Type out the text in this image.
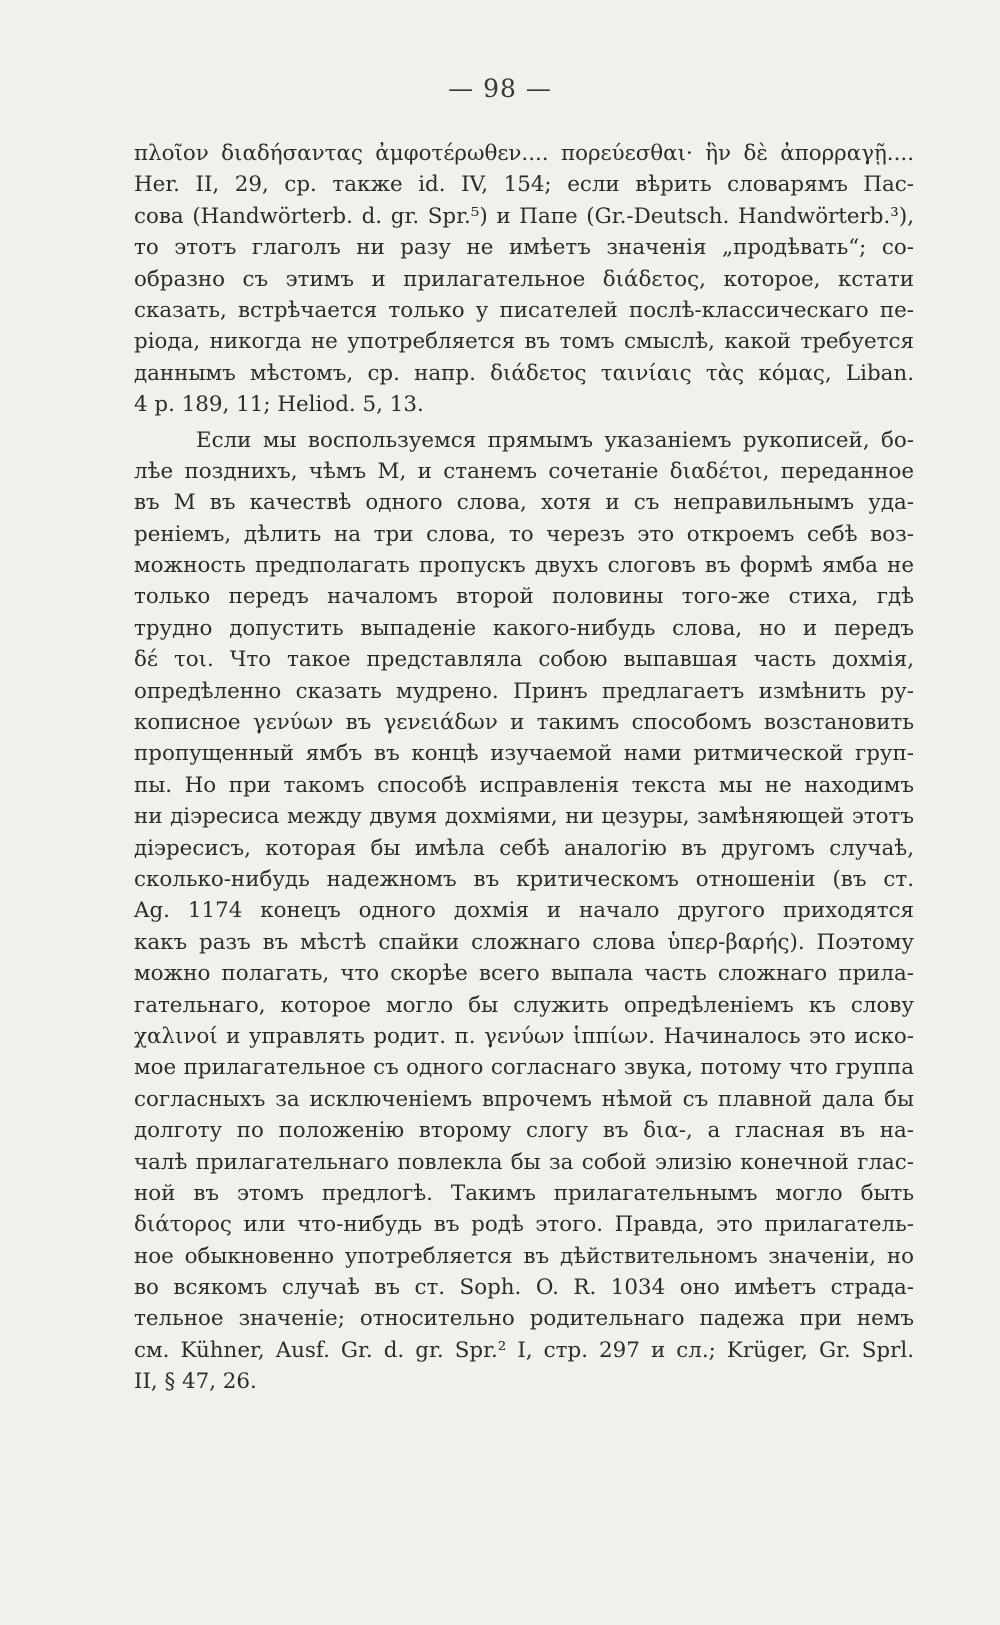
— 98 —
πλοῖον διαδήσαντας ἀμφοτέρωθεν.... πορεύεσθαι· ἣν δὲ ἀπορραγῇ....
Her. II, 29, ср. также id. IV, 154; если вѣрить словарямъ Пас-
сова (Handwörterb. d. gr. Spr.⁵) и Папе (Gr.-Deutsch. Handwörterb.³),
то этотъ глаголъ ни разу не имѣетъ значенія „продѣвать“; со-
образно съ этимъ и прилагательное διάδετος, которое, кстати
сказать, встрѣчается только у писателей послѣ-классическаго пе-
ріода, никогда не употребляется въ томъ смыслѣ, какой требуется
даннымъ мѣстомъ, ср. напр. διάδετος ταινίαις τὰς κόμας, Liban.
4 p. 189, 11; Heliod. 5, 13.
Если мы воспользуемся прямымъ указаніемъ рукописей, бо-
лѣе позднихъ, чѣмъ М, и станемъ сочетаніе διαδέτοι, переданное
въ М въ качествѣ одного слова, хотя и съ неправильнымъ уда-
реніемъ, дѣлить на три слова, то черезъ это откроемъ себѣ воз-
можность предполагать пропускъ двухъ слоговъ въ формѣ ямба не
только передъ началомъ второй половины того-же стиха, гдѣ
трудно допустить выпаденіе какого-нибудь слова, но и передъ
δέ τοι. Что такое представляла собою выпавшая часть дохмія,
опредѣленно сказать мудрено. Принъ предлагаетъ измѣнить ру-
кописное γενύων въ γενειάδων и такимъ способомъ возстановить
пропущенный ямбъ въ концѣ изучаемой нами ритмической груп-
пы. Но при такомъ способѣ исправленія текста мы не находимъ
ни діэресиса между двумя дохміями, ни цезуры, замѣняющей этотъ
діэресисъ, которая бы имѣла себѣ аналогію въ другомъ случаѣ,
сколько-нибудь надежномъ въ критическомъ отношеніи (въ ст.
Ag. 1174 конецъ одного дохмія и начало другого приходятся
какъ разъ въ мѣстѣ спайки сложнаго слова ὑπερ-βαρής). Поэтому
можно полагать, что скорѣе всего выпала часть сложнаго прила-
гательнаго, которое могло бы служить опредѣленіемъ къ слову
χαλινοί и управлять родит. п. γενύων ἱππίων. Начиналось это иско-
мое прилагательное съ одного согласнаго звука, потому что группа
согласныхъ за исключеніемъ впрочемъ нѣмой съ плавной дала бы
долготу по положенію второму слогу въ δια-, а гласная въ на-
чалѣ прилагательнаго повлекла бы за собой элизію конечной глас-
ной въ этомъ предлогѣ. Такимъ прилагательнымъ могло быть
διάτορος или что-нибудь въ родѣ этого. Правда, это прилагатель-
ное обыкновенно употребляется въ дѣйствительномъ значеніи, но
во всякомъ случаѣ въ ст. Soph. O. R. 1034 оно имѣетъ страда-
тельное значеніе; относительно родительнаго падежа при немъ
см. Kühner, Ausf. Gr. d. gr. Spr.² I, стр. 297 и сл.; Krüger, Gr. Sprl.
II, § 47, 26.
